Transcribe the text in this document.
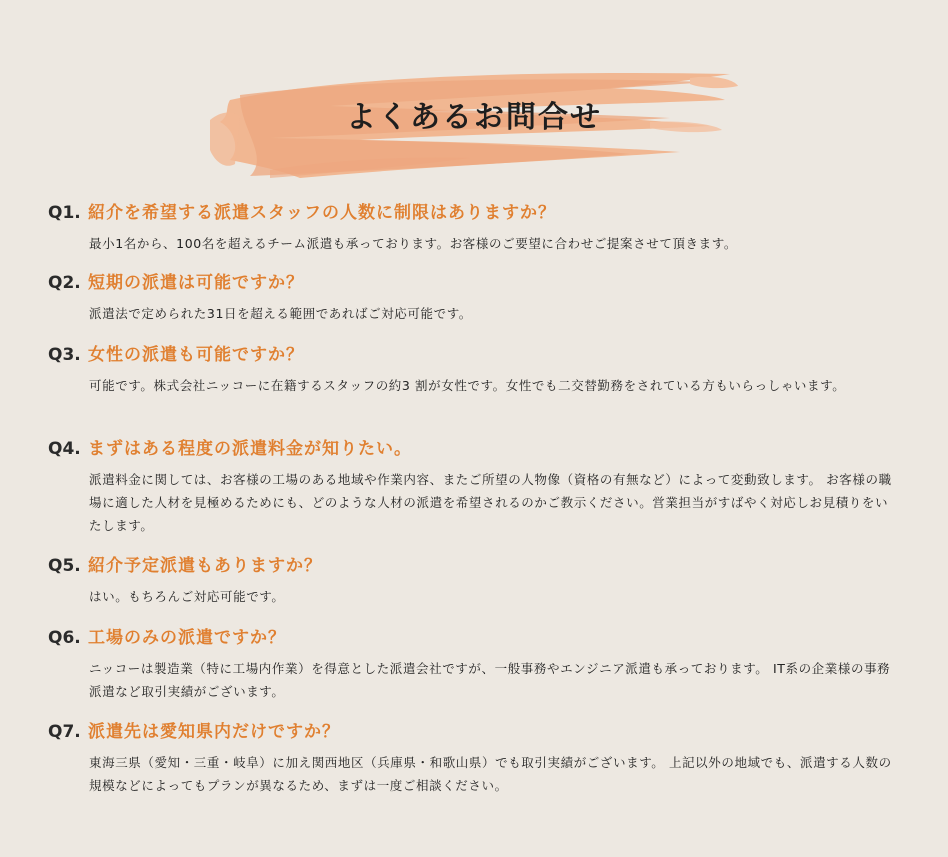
よくあるお問合せ
Q1. 紹介を希望する派遣スタッフの人数に制限はありますか？
最小1名から、100名を超えるチーム派遣も承っております。お客様のご要望に合わせご提案させて頂きます。
Q2. 短期の派遣は可能ですか？
派遣法で定められた31日を超える範囲であればご対応可能です。
Q3. 女性の派遣も可能ですか？
可能です。株式会社ニッコーに在籍するスタッフの約3 割が女性です。女性でも二交替勤務をされている方もいらっしゃいます。
Q4. まずはある程度の派遣料金が知りたい。
派遣料金に関しては、お客様の工場のある地域や作業内容、またご所望の人物像（資格の有無など）によって変動致します。 お客様の職場に適した人材を見極めるためにも、どのような人材の派遣を希望されるのかご教示ください。営業担当がすばやく対応しお見積りをいたします。
Q5. 紹介予定派遣もありますか？
はい。もちろんご対応可能です。
Q6. 工場のみの派遣ですか？
ニッコーは製造業（特に工場内作業）を得意とした派遣会社ですが、一般事務やエンジニア派遣も承っております。 IT系の企業様の事務派遣など取引実績がございます。
Q7. 派遣先は愛知県内だけですか？
東海三県（愛知・三重・岐阜）に加え関西地区（兵庫県・和歌山県）でも取引実績がございます。 上記以外の地域でも、派遣する人数の規模などによってもプランが異なるため、まずは一度ご相談ください。
